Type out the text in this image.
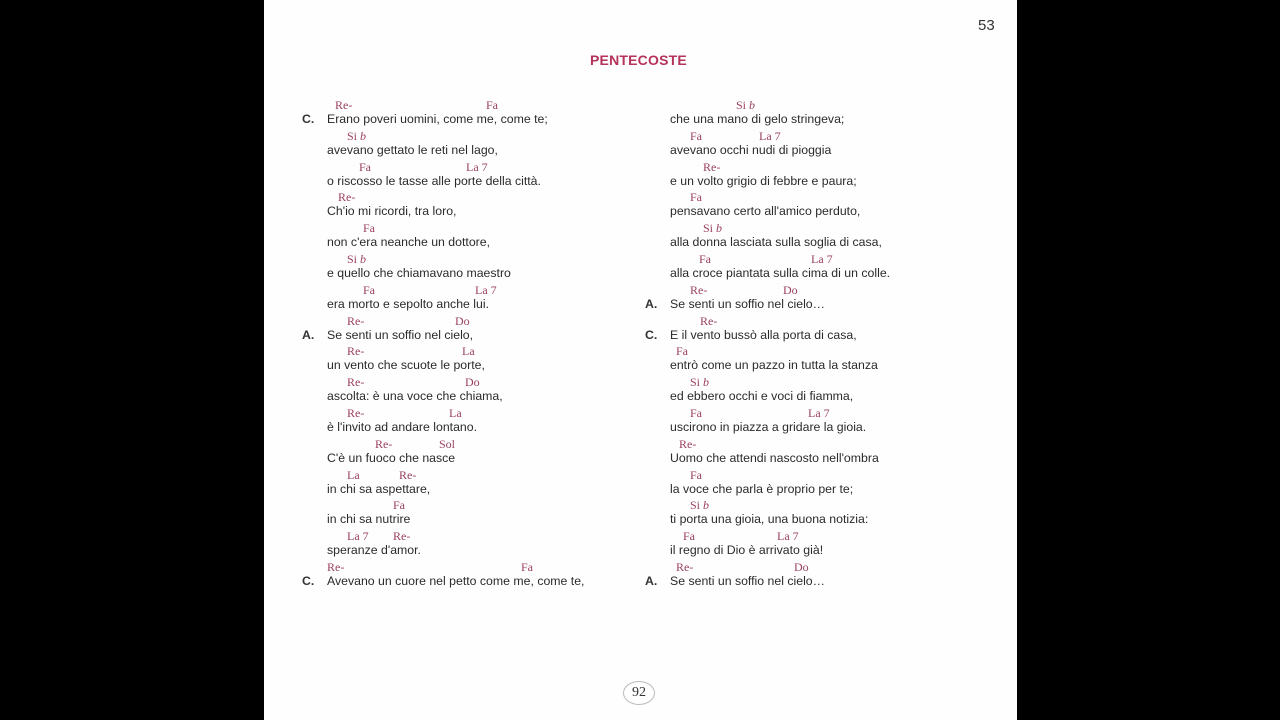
53
PENTECOSTE
C.
Re-	Fa
Erano poveri uomini, come me, come te;
Si b
avevano gettato le reti nel lago,
Fa	La 7
o riscosso le tasse alle porte della città.
Re-
Ch'io mi ricordi, tra loro,
Fa
non c'era neanche un dottore,
Si b
e quello che chiamavano maestro
Fa	La 7
era morto e sepolto anche lui.
A.
Re-	Do
Se senti un soffio nel cielo,
Re-	La
un vento che scuote le porte,
Re-	Do
ascolta: è una voce che chiama,
Re-	La
è l'invito ad andare lontano.
Re-	Sol
C'è un fuoco che nasce
La	Re-
in chi sa aspettare,
Fa
in chi sa nutrire
La 7 Re-
speranze d'amor.
C.
Re-	Fa
Avevano un cuore nel petto come me, come te,
Si b
che una mano di gelo stringeva;
Fa	La 7
avevano occhi nudi di pioggia
Re-
e un volto grigio di febbre e paura;
Fa
pensavano certo all'amico perduto,
Si b
alla donna lasciata sulla soglia di casa,
Fa	La 7
alla croce piantata sulla cima di un colle.
A.
Re-	Do
Se senti un soffio nel cielo…
C.
Re-
E il vento bussò alla porta di casa,
Fa
entrò come un pazzo in tutta la stanza
Si b
ed ebbero occhi e voci di fiamma,
Fa	La 7
uscirono in piazza a gridare la gioia.
Re-
Uomo che attendi nascosto nell'ombra
Fa
la voce che parla è proprio per te;
Si b
ti porta una gioia, una buona notizia:
Fa	La 7
il regno di Dio è arrivato già!
A.
Re-	Do
Se senti un soffio nel cielo…
92
